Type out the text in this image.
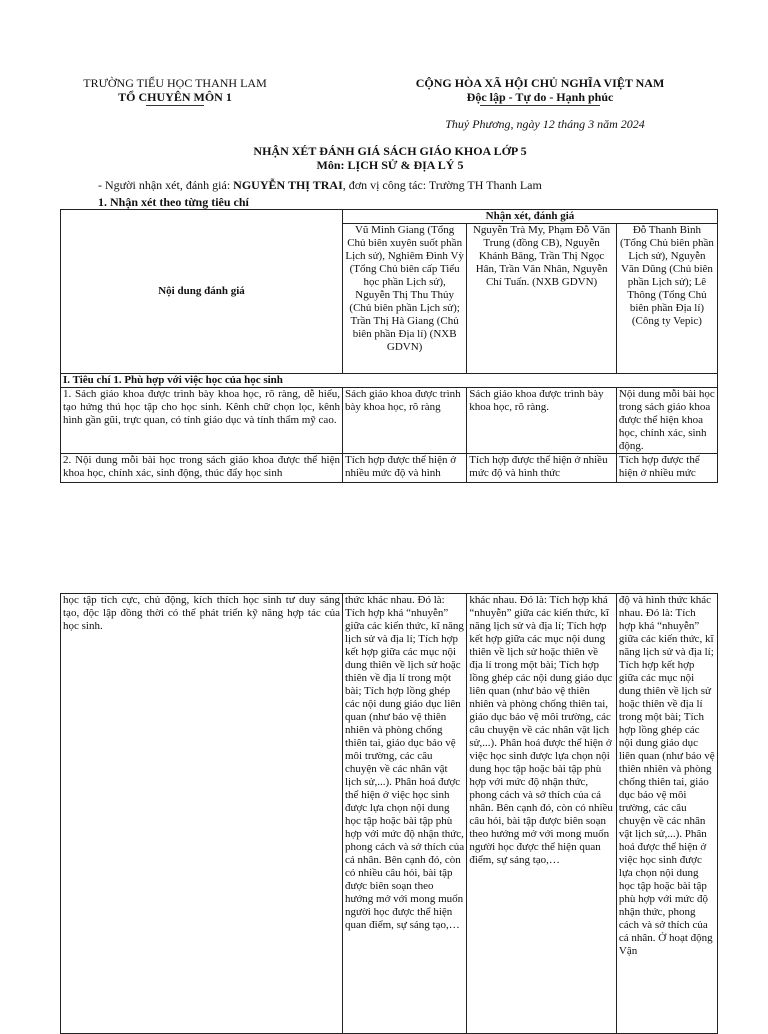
TRƯỜNG TIỂU HỌC THANH LAM
TỔ CHUYÊN MÔN 1
CỘNG HÒA XÃ HỘI CHỦ NGHĨA VIỆT NAM
Độc lập - Tự do - Hạnh phúc
Thuỷ Phương, ngày 12 tháng 3 năm 2024
NHẬN XÉT ĐÁNH GIÁ SÁCH GIÁO KHOA LỚP 5
Môn: LỊCH SỬ & ĐỊA LÝ 5
- Người nhận xét, đánh giá: NGUYỄN THỊ TRAI, đơn vị công tác: Trường TH Thanh Lam
1. Nhận xét theo từng tiêu chí
Nội dung đánh giá	Nhận xét, đánh giá		
	Vũ Minh Giang (Tổng Chủ biên xuyên suốt phần Lịch sử), Nghiêm Đình Vỳ (Tổng Chủ biên cấp Tiểu học phần Lịch sử), Nguyễn Thị Thu Thủy (Chủ biên phần Lịch sử); Trần Thị Hà Giang (Chủ biên phần Địa lí) (NXB GDVN)	Nguyễn Trà My, Phạm Đỗ Văn Trung (đồng CB), Nguyễn Khánh Băng, Trần Thị Ngọc Hân, Trần Văn Nhân, Nguyễn Chí Tuấn. (NXB GDVN)	Đỗ Thanh Bình (Tổng Chủ biên phần Lịch sử), Nguyễn Văn Dũng (Chủ biên phần Lịch sử); Lê Thông (Tổng Chủ biên phần Địa lí) (Công ty Vepic)
I. Tiêu chí 1. Phù hợp với việc học của học sinh			
1. Sách giáo khoa được trình bày khoa học, rõ ràng, dễ hiểu, tạo hứng thú học tập cho học sinh. Kênh chữ chọn lọc, kênh hình gần gũi, trực quan, có tính giáo dục và tính thẩm mỹ cao.	Sách giáo khoa được trình bày khoa học, rõ ràng	Sách giáo khoa được trình bày khoa học, rõ ràng.	Nội dung mỗi bài học trong sách giáo khoa được thể hiện khoa học, chính xác, sinh động.

2. Nội dung mỗi bài học trong sách giáo khoa được thể hiện khoa học, chính xác, sinh động, thúc đẩy học sinh	Tích hợp được thể hiện ở nhiều mức độ và hình	Tích hợp được thể hiện ở nhiều mức độ và hình thức	Tích hợp được thể hiện ở nhiều mức
học tập tích cực, chủ động, kích thích học sinh tư duy sáng tạo, độc lập đồng thời có thể phát triển kỹ năng hợp tác của học sinh.	thức khác nhau. Đó là: Tích hợp khá “nhuyễn” giữa các kiến thức, kĩ năng lịch sử và địa lí; Tích hợp kết hợp giữa các mục nội dung thiên về lịch sử hoặc thiên về địa lí trong một bài; Tích hợp lồng ghép các nội dung giáo dục liên quan (như bảo vệ thiên nhiên và phòng chống thiên tai, giáo dục bảo vệ môi trường, các câu chuyện về các nhân vật lịch sử,...). Phân hoá được thể hiện ở việc học sinh được lựa chọn nội dung học tập hoặc bài tập phù hợp với mức độ nhận thức, phong cách và sở thích của cá nhân. Bên cạnh đó, còn có nhiều câu hỏi, bài tập được biên soạn theo hướng mở với mong muốn người học được thể hiện quan điểm, sự sáng tạo,…	khác nhau. Đó là: Tích hợp khá “nhuyễn” giữa các kiến thức, kĩ năng lịch sử và địa lí; Tích hợp kết hợp giữa các mục nội dung thiên về lịch sử hoặc thiên về địa lí trong một bài; Tích hợp lồng ghép các nội dung giáo dục liên quan (như bảo vệ thiên nhiên và phòng chống thiên tai, giáo dục bảo vệ môi trường, các câu chuyện về các nhân vật lịch sử,...). Phân hoá được thể hiện ở việc học sinh được lựa chọn nội dung học tập hoặc bài tập phù hợp với mức độ nhận thức, phong cách và sở thích của cá nhân. Bên cạnh đó, còn có nhiều câu hỏi, bài tập được biên soạn theo hướng mở với mong muốn người học được thể hiện quan điểm, sự sáng tạo,…	độ và hình thức khác nhau. Đó là: Tích hợp khá “nhuyễn” giữa các kiến thức, kĩ năng lịch sử và địa lí; Tích hợp kết hợp giữa các mục nội dung thiên về lịch sử hoặc thiên về địa lí trong một bài; Tích hợp lồng ghép các nội dung giáo dục liên quan (như bảo vệ thiên nhiên và phòng chống thiên tai, giáo dục bảo vệ môi trường, các câu chuyện về các nhân vật lịch sử,...). Phân hoá được thể hiện ở việc học sinh được lựa chọn nội dung học tập hoặc bài tập phù hợp với mức độ nhận thức, phong cách và sở thích của cá nhân. Ở hoạt động Vận
